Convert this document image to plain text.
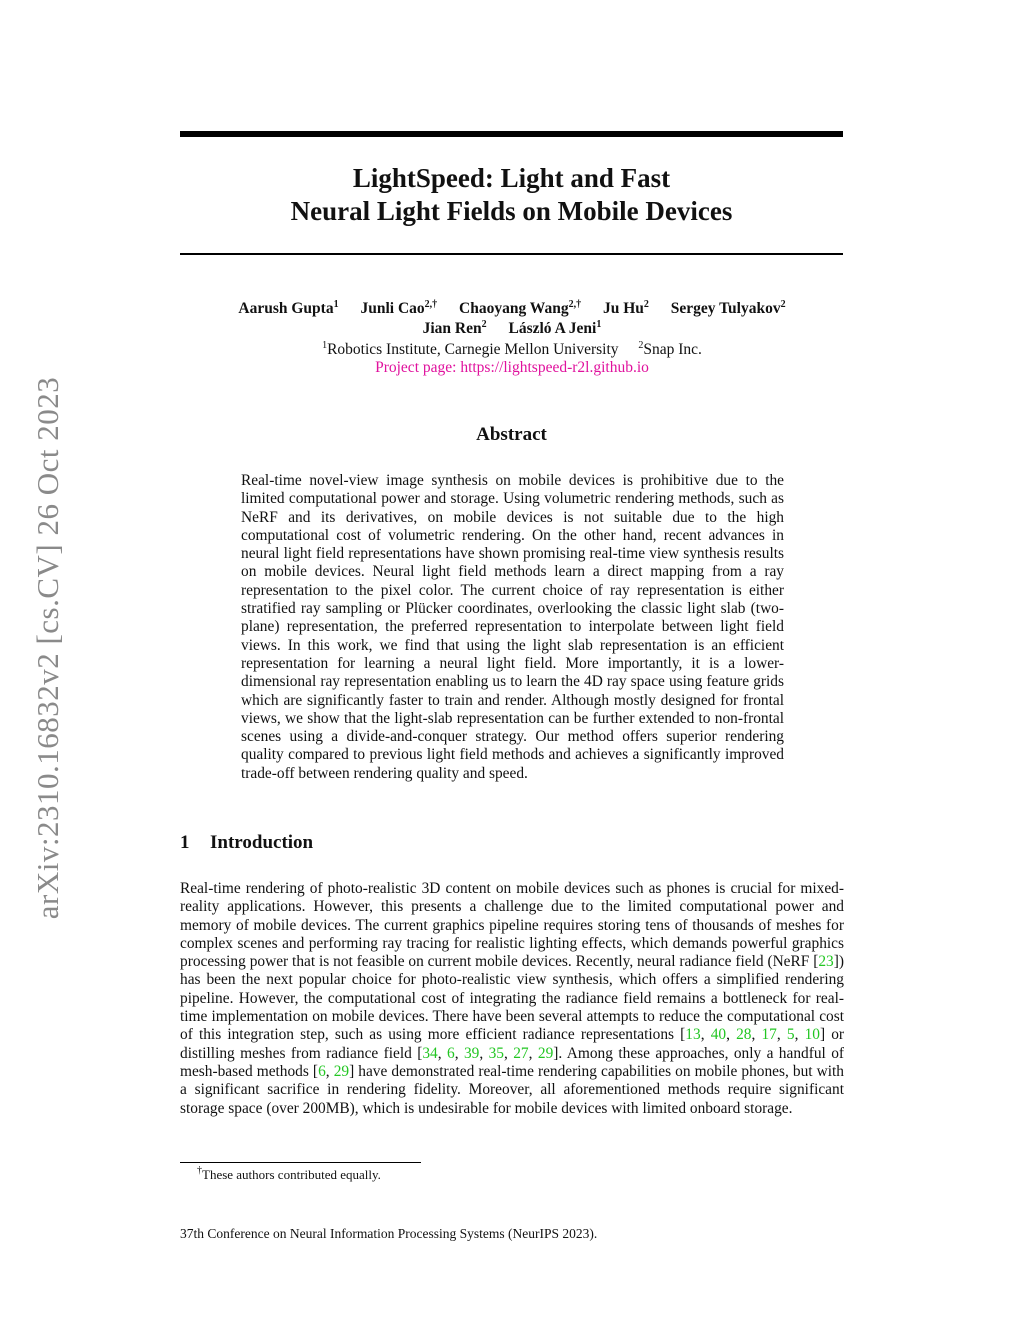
arXiv:2310.16832v2 [cs.CV] 26 Oct 2023
LightSpeed: Light and Fast
Neural Light Fields on Mobile Devices
Aarush Gupta$^1$ Junli Cao$^{2,\dagger}$ Chaoyang Wang$^{2,\dagger}$ Ju Hu$^2$ Sergey Tulyakov$^2$
Jian Ren$^2$ László A Jeni$^1$
$^1$Robotics Institute, Carnegie Mellon University $^2$Snap Inc.
Project page: https://lightspeed-r2l.github.io
Abstract
Real-time novel-view image synthesis on mobile devices is prohibitive due to the limited computational power and storage. Using volumetric rendering methods, such as NeRF and its derivatives, on mobile devices is not suitable due to the high computational cost of volumetric rendering. On the other hand, recent advances in neural light field representations have shown promising real-time view synthesis results on mobile devices. Neural light field methods learn a direct mapping from a ray representation to the pixel color. The current choice of ray representation is either stratified ray sampling or Plücker coordinates, overlooking the classic light slab (two-plane) representation, the preferred representation to interpolate between light field views. In this work, we find that using the light slab representation is an efficient representation for learning a neural light field. More importantly, it is a lower-dimensional ray representation enabling us to learn the 4D ray space using feature grids which are significantly faster to train and render. Although mostly designed for frontal views, we show that the light-slab representation can be further extended to non-frontal scenes using a divide-and-conquer strategy. Our method offers superior rendering quality compared to previous light field methods and achieves a significantly improved trade-off between rendering quality and speed.
1 Introduction
Real-time rendering of photo-realistic 3D content on mobile devices such as phones is crucial for mixed-reality applications. However, this presents a challenge due to the limited computational power and memory of mobile devices. The current graphics pipeline requires storing tens of thousands of meshes for complex scenes and performing ray tracing for realistic lighting effects, which demands powerful graphics processing power that is not feasible on current mobile devices. Recently, neural radiance field (NeRF [23]) has been the next popular choice for photo-realistic view synthesis, which offers a simplified rendering pipeline. However, the computational cost of integrating the radiance field remains a bottleneck for real-time implementation on mobile devices. There have been several attempts to reduce the computational cost of this integration step, such as using more efficient radiance representations [13, 40, 28, 17, 5, 10] or distilling meshes from radiance field [34, 6, 39, 35, 27, 29]. Among these approaches, only a handful of mesh-based methods [6, 29] have demonstrated real-time rendering capabilities on mobile phones, but with a significant sacrifice in rendering fidelity. Moreover, all aforementioned methods require significant storage space (over 200MB), which is undesirable for mobile devices with limited onboard storage.
†These authors contributed equally.
37th Conference on Neural Information Processing Systems (NeurIPS 2023).
